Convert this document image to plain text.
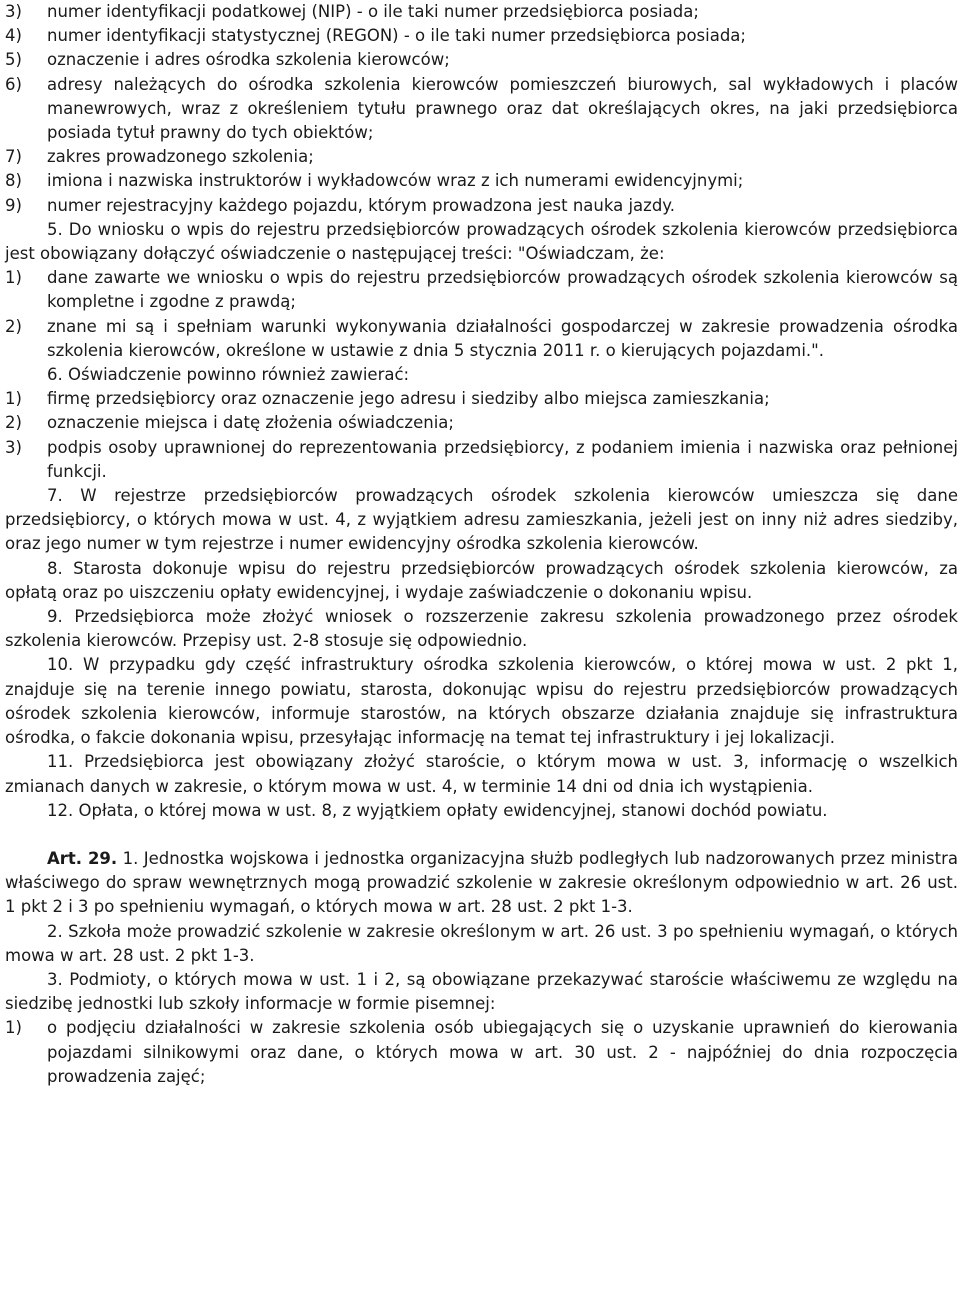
3)	numer identyfikacji podatkowej (NIP) - o ile taki numer przedsiębiorca posiada;
4)	numer identyfikacji statystycznej (REGON) - o ile taki numer przedsiębiorca posiada;
5)	oznaczenie i adres ośrodka szkolenia kierowców;
6)	adresy należących do ośrodka szkolenia kierowców pomieszczeń biurowych, sal wykładowych i placów manewrowych, wraz z określeniem tytułu prawnego oraz dat określających okres, na jaki przedsiębiorca posiada tytuł prawny do tych obiektów;
7)	zakres prowadzonego szkolenia;
8)	imiona i nazwiska instruktorów i wykładowców wraz z ich numerami ewidencyjnymi;
9)	numer rejestracyjny każdego pojazdu, którym prowadzona jest nauka jazdy.

5. Do wniosku o wpis do rejestru przedsiębiorców prowadzących ośrodek szkolenia kierowców przedsiębiorca jest obowiązany dołączyć oświadczenie o następującej treści: "Oświadczam, że:

1)	dane zawarte we wniosku o wpis do rejestru przedsiębiorców prowadzących ośrodek szkolenia kierowców są kompletne i zgodne z prawdą;
2)	znane mi są i spełniam warunki wykonywania działalności gospodarczej w zakresie prowadzenia ośrodka szkolenia kierowców, określone w ustawie z dnia 5 stycznia 2011 r. o kierujących pojazdami.".

6. Oświadczenie powinno również zawierać:

1)	firmę przedsiębiorcy oraz oznaczenie jego adresu i siedziby albo miejsca zamieszkania;
2)	oznaczenie miejsca i datę złożenia oświadczenia;
3)	podpis osoby uprawnionej do reprezentowania przedsiębiorcy, z podaniem imienia i nazwiska oraz pełnionej funkcji.

7. W rejestrze przedsiębiorców prowadzących ośrodek szkolenia kierowców umieszcza się dane przedsiębiorcy, o których mowa w ust. 4, z wyjątkiem adresu zamieszkania, jeżeli jest on inny niż adres siedziby, oraz jego numer w tym rejestrze i numer ewidencyjny ośrodka szkolenia kierowców.

8. Starosta dokonuje wpisu do rejestru przedsiębiorców prowadzących ośrodek szkolenia kierowców, za opłatą oraz po uiszczeniu opłaty ewidencyjnej, i wydaje zaświadczenie o dokonaniu wpisu.

9. Przedsiębiorca może złożyć wniosek o rozszerzenie zakresu szkolenia prowadzonego przez ośrodek szkolenia kierowców. Przepisy ust. 2-8 stosuje się odpowiednio.

10. W przypadku gdy część infrastruktury ośrodka szkolenia kierowców, o której mowa w ust. 2 pkt 1, znajduje się na terenie innego powiatu, starosta, dokonując wpisu do rejestru przedsiębiorców prowadzących ośrodek szkolenia kierowców, informuje starostów, na których obszarze działania znajduje się infrastruktura ośrodka, o fakcie dokonania wpisu, przesyłając informację na temat tej infrastruktury i jej lokalizacji.

11. Przedsiębiorca jest obowiązany złożyć staroście, o którym mowa w ust. 3, informację o wszelkich zmianach danych w zakresie, o którym mowa w ust. 4, w terminie 14 dni od dnia ich wystąpienia.

12. Opłata, o której mowa w ust. 8, z wyjątkiem opłaty ewidencyjnej, stanowi dochód powiatu.

Art. 29. 1. Jednostka wojskowa i jednostka organizacyjna służb podległych lub nadzorowanych przez ministra właściwego do spraw wewnętrznych mogą prowadzić szkolenie w zakresie określonym odpowiednio w art. 26 ust. 1 pkt 2 i 3 po spełnieniu wymagań, o których mowa w art. 28 ust. 2 pkt 1-3.

2. Szkoła może prowadzić szkolenie w zakresie określonym w art. 26 ust. 3 po spełnieniu wymagań, o których mowa w art. 28 ust. 2 pkt 1-3.

3. Podmioty, o których mowa w ust. 1 i 2, są obowiązane przekazywać staroście właściwemu ze względu na siedzibę jednostki lub szkoły informacje w formie pisemnej:

1)	o podjęciu działalności w zakresie szkolenia osób ubiegających się o uzyskanie uprawnień do kierowania pojazdami silnikowymi oraz dane, o których mowa w art. 30 ust. 2 - najpóźniej do dnia rozpoczęcia prowadzenia zajęć;
